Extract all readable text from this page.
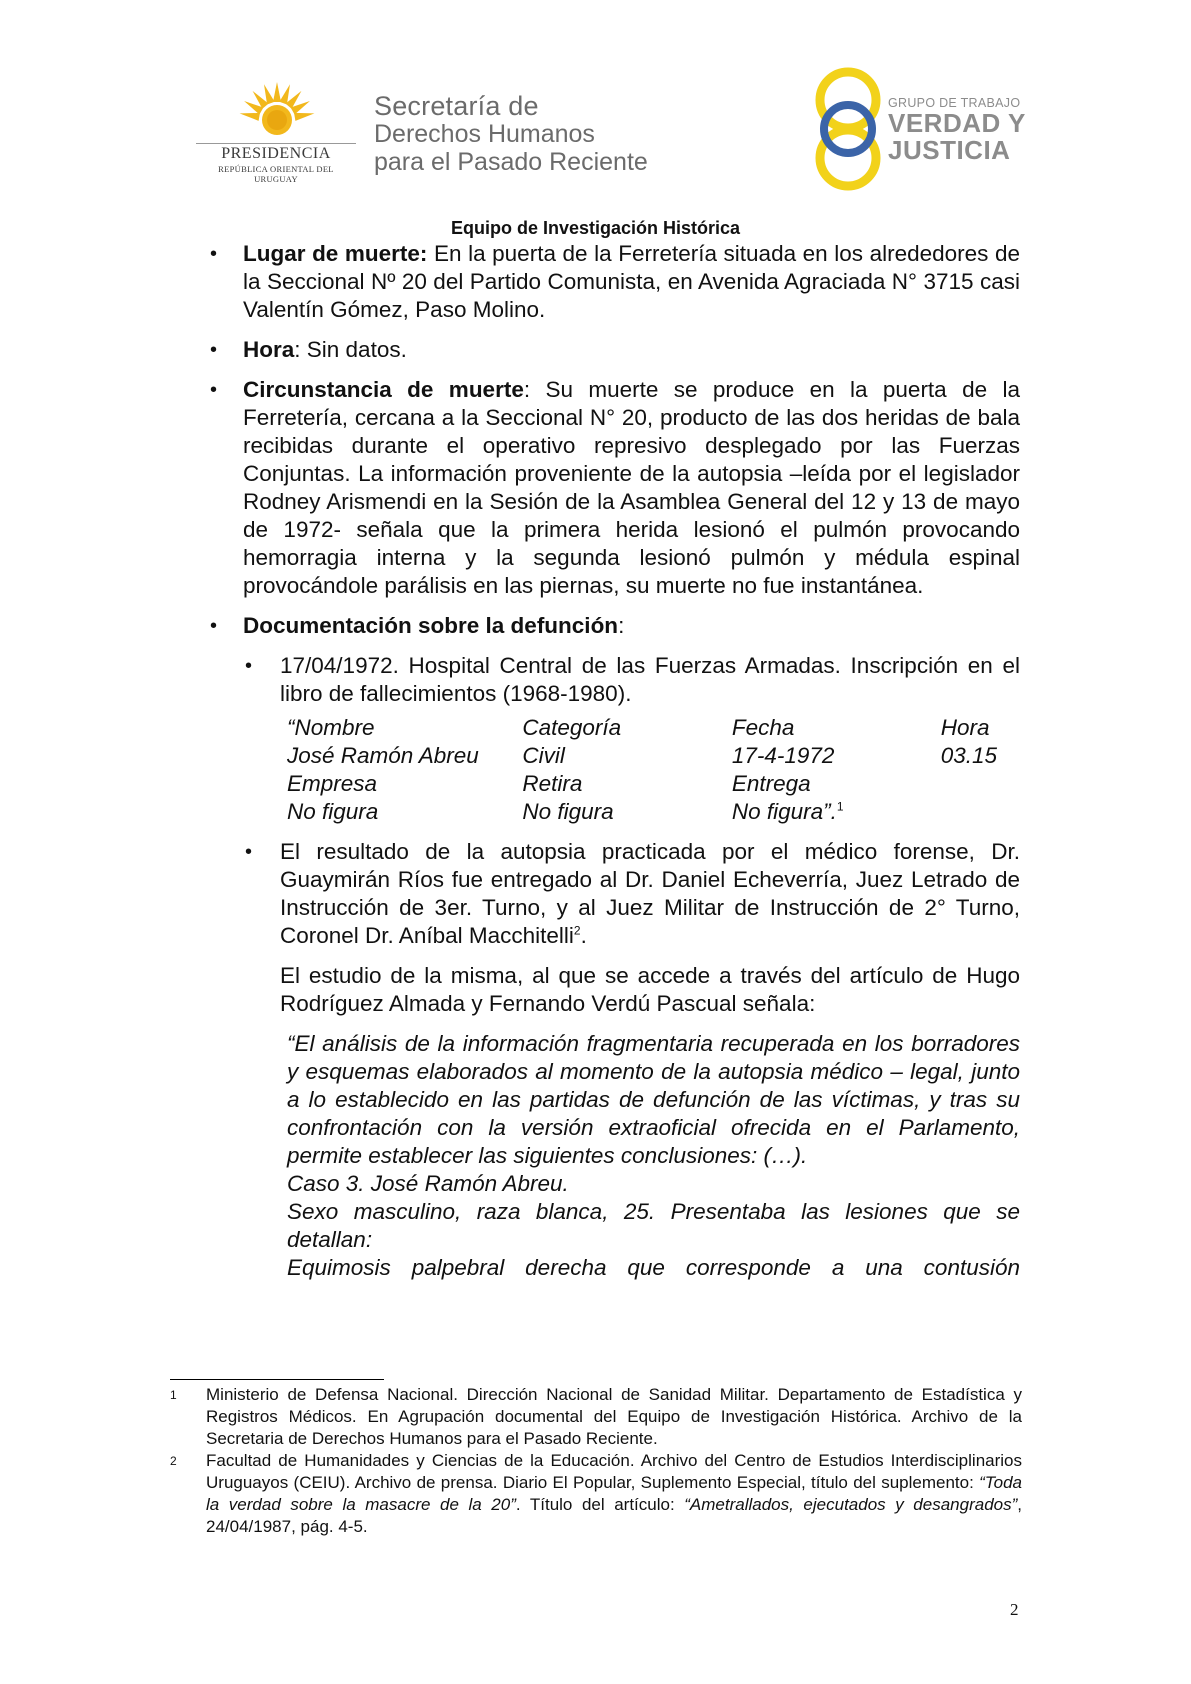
PRESIDENCIA
REPÚBLICA ORIENTAL DEL URUGUAY
Secretaría de
Derechos Humanos
para el Pasado Reciente
GRUPO DE TRABAJO
VERDAD Y
JUSTICIA
Equipo de Investigación Histórica
• Lugar de muerte: En la puerta de la Ferretería situada en los alrededores de la Seccional Nº 20 del Partido Comunista, en Avenida Agraciada N° 3715 casi Valentín Gómez, Paso Molino.
• Hora: Sin datos.
• Circunstancia de muerte: Su muerte se produce en la puerta de la Ferretería, cercana a la Seccional N° 20, producto de las dos heridas de bala recibidas durante el operativo represivo desplegado por las Fuerzas Conjuntas. La información proveniente de la autopsia –leída por el legislador Rodney Arismendi en la Sesión de la Asamblea General del 12 y 13 de mayo de 1972- señala que la primera herida lesionó el pulmón provocando hemorragia interna y la segunda lesionó pulmón y médula espinal provocándole parálisis en las piernas, su muerte no fue instantánea.
• Documentación sobre la defunción:
• 17/04/1972. Hospital Central de las Fuerzas Armadas. Inscripción en el libro de fallecimientos (1968-1980).
“Nombre	Categoría	Fecha	Hora
José Ramón Abreu	Civil	17-4-1972	03.15
Empresa	Retira	Entrega	
No figura	No figura	No figura”.$^1$	
• El resultado de la autopsia practicada por el médico forense, Dr. Guaymirán Ríos fue entregado al Dr. Daniel Echeverría, Juez Letrado de Instrucción de 3er. Turno, y al Juez Militar de Instrucción de 2° Turno, Coronel Dr. Aníbal Macchitelli$^2$.
El estudio de la misma, al que se accede a través del artículo de Hugo Rodríguez Almada y Fernando Verdú Pascual señala:
“El análisis de la información fragmentaria recuperada en los borradores y esquemas elaborados al momento de la autopsia médico – legal, junto a lo establecido en las partidas de defunción de las víctimas, y tras su confrontación con la versión extraoficial ofrecida en el Parlamento, permite establecer las siguientes conclusiones: (…).
Caso 3. José Ramón Abreu.
Sexo masculino, raza blanca, 25. Presentaba las lesiones que se detallan:
Equimosis palpebral derecha que corresponde a una contusión
1 Ministerio de Defensa Nacional. Dirección Nacional de Sanidad Militar. Departamento de Estadística y Registros Médicos. En Agrupación documental del Equipo de Investigación Histórica. Archivo de la Secretaria de Derechos Humanos para el Pasado Reciente.
2 Facultad de Humanidades y Ciencias de la Educación. Archivo del Centro de Estudios Interdisciplinarios Uruguayos (CEIU). Archivo de prensa. Diario El Popular, Suplemento Especial, título del suplemento: “Toda la verdad sobre la masacre de la 20”. Título del artículo: “Ametrallados, ejecutados y desangrados”, 24/04/1987, pág. 4-5.
2
